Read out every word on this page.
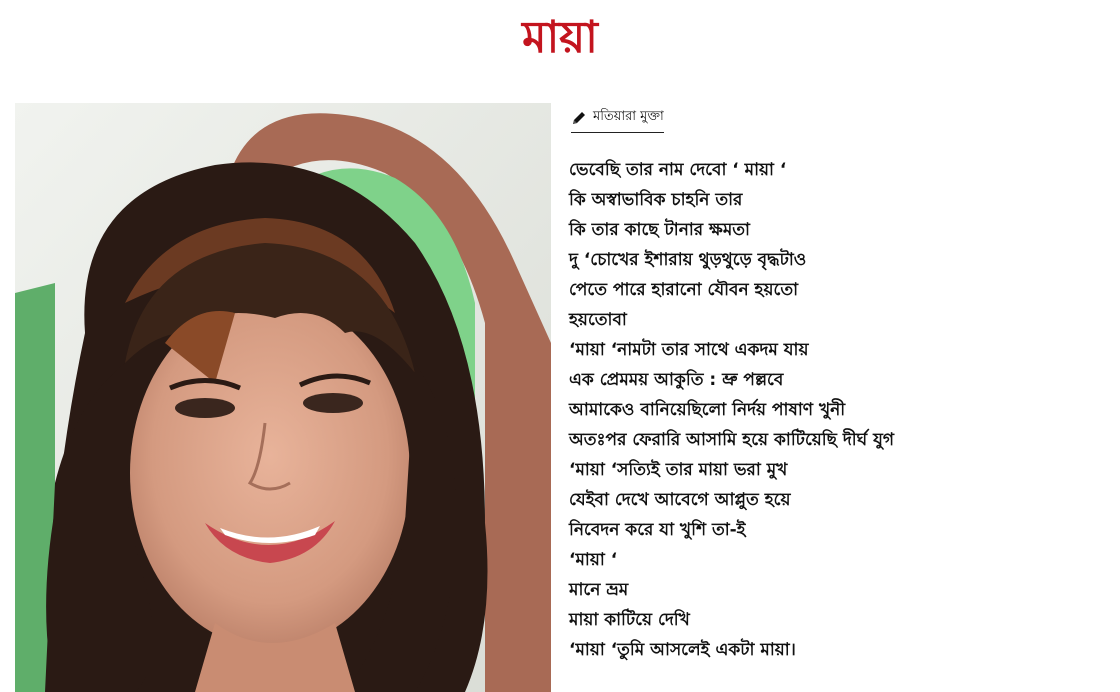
মায়া
মতিয়ারা মুক্তা
ভেবেছি তার নাম দেবো ‘ মায়া ‘
কি অস্বাভাবিক চাহনি তার
কি তার কাছে টানার ক্ষমতা
দু ‘চোখের ইশারায় থুড়থুড়ে বৃদ্ধটাও
পেতে পারে হারানো যৌবন হয়তো
হয়তোবা
‘মায়া ‘নামটা তার সাথে একদম যায়
এক প্রেমময় আকুতি : ভ্রু পল্লবে
আমাকেও বানিয়েছিলো নির্দয় পাষাণ খুনী
অতঃপর ফেরারি আসামি হয়ে কাটিয়েছি দীর্ঘ যুগ
‘মায়া ‘সত্যিই তার মায়া ভরা মুখ
যেইবা দেখে আবেগে আপ্লুত হয়ে
নিবেদন করে যা খুশি তা-ই
‘মায়া ‘
মানে ভ্রম
মায়া কাটিয়ে দেখি
‘মায়া ‘তুমি আসলেই একটা মায়া।
